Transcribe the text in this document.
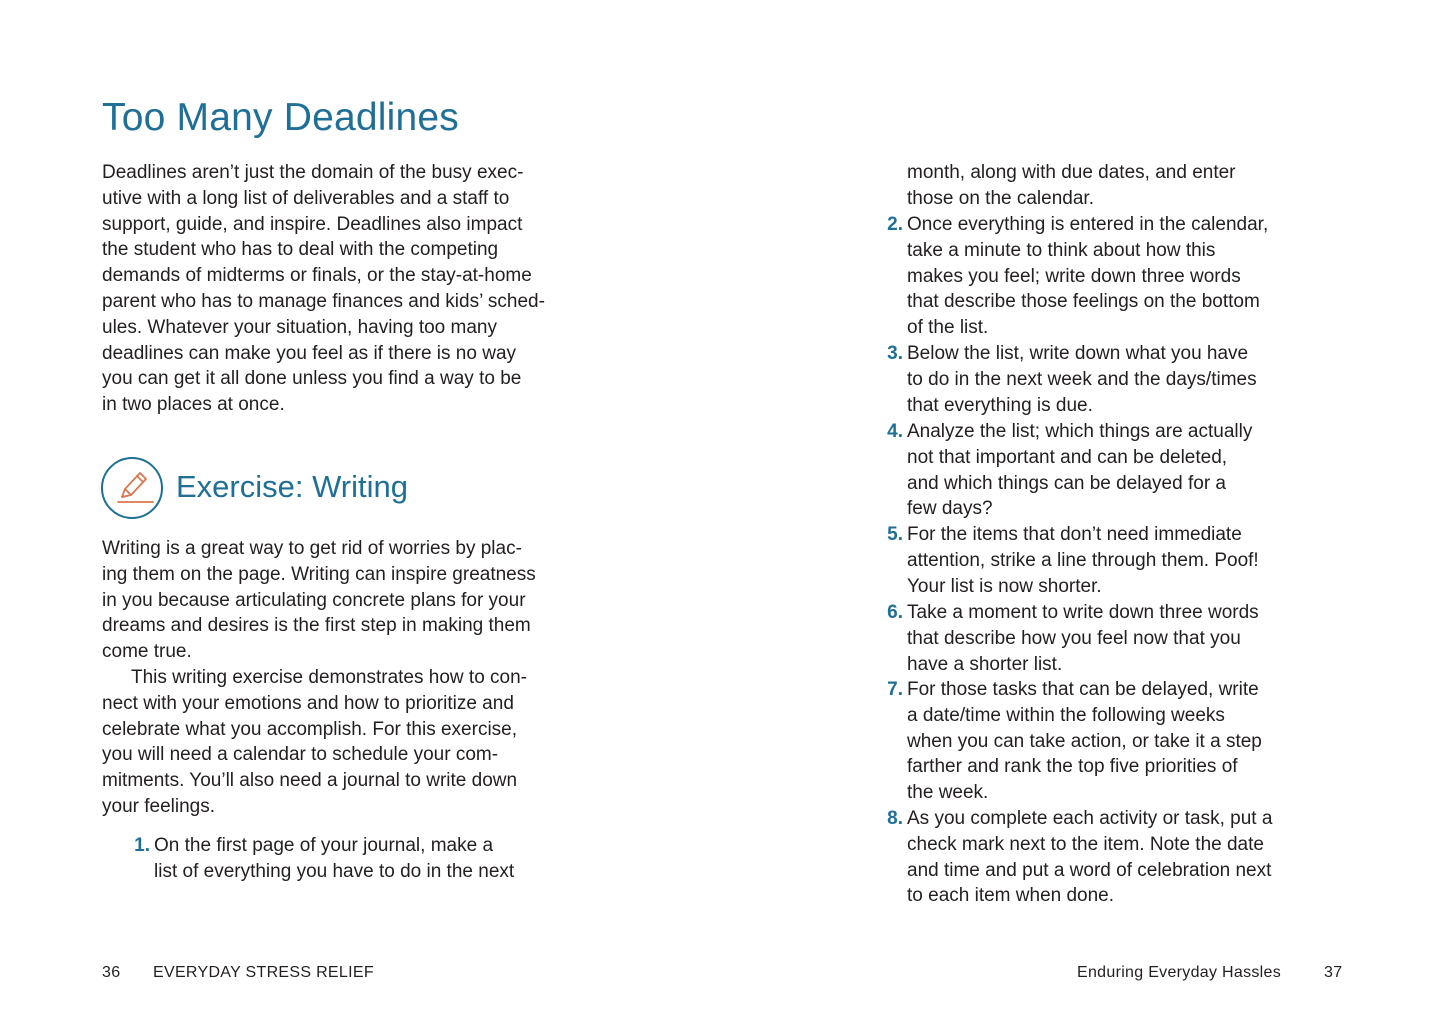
Too Many Deadlines

Deadlines aren’t just the domain of the busy exec-
utive with a long list of deliverables and a staff to
support, guide, and inspire. Deadlines also impact
the student who has to deal with the competing
demands of midterms or finals, or the stay-at-home
parent who has to manage finances and kids’ sched-
ules. Whatever your situation, having too many
deadlines can make you feel as if there is no way
you can get it all done unless you find a way to be
in two places at once.

Exercise: Writing

Writing is a great way to get rid of worries by plac-
ing them on the page. Writing can inspire greatness
in you because articulating concrete plans for your
dreams and desires is the first step in making them
come true.

This writing exercise demonstrates how to con-
nect with your emotions and how to prioritize and
celebrate what you accomplish. For this exercise,
you will need a calendar to schedule your com-
mitments. You’ll also need a journal to write down
your feelings.

1. On the first page of your journal, make a
list of everything you have to do in the next
36 EVERYDAY STRESS RELIEF
month, along with due dates, and enter
those on the calendar.
2. Once everything is entered in the calendar,
take a minute to think about how this
makes you feel; write down three words
that describe those feelings on the bottom
of the list.
3. Below the list, write down what you have
to do in the next week and the days/times
that everything is due.
4. Analyze the list; which things are actually
not that important and can be deleted,
and which things can be delayed for a
few days?
5. For the items that don’t need immediate
attention, strike a line through them. Poof!
Your list is now shorter.
6. Take a moment to write down three words
that describe how you feel now that you
have a shorter list.
7. For those tasks that can be delayed, write
a date/time within the following weeks
when you can take action, or take it a step
farther and rank the top five priorities of
the week.
8. As you complete each activity or task, put a
check mark next to the item. Note the date
and time and put a word of celebration next
to each item when done.
Enduring Everyday Hassles	37
